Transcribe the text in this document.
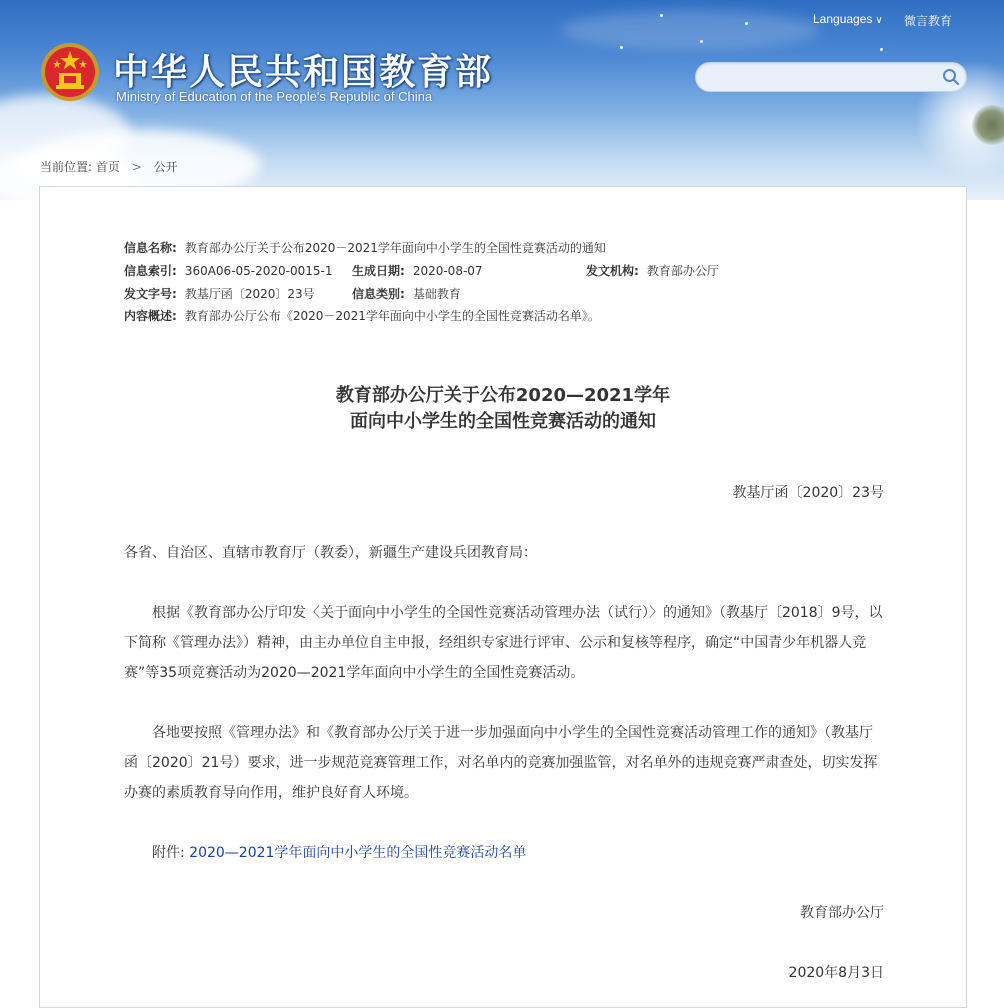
中华人民共和国教育部
Ministry of Education of the People's Republic of China
Languages ∨ 微言教育
当前位置: 首页 > 公开
信息名称: 教育部办公厅关于公布2020－2021学年面向中小学生的全国性竞赛活动的通知
信息索引: 360A06-05-2020-0015-1 生成日期: 2020-08-07	发文机构: 教育部办公厅
发文字号: 教基厅函〔2020〕23号	信息类别: 基础教育
内容概述: 教育部办公厅公布《2020－2021学年面向中小学生的全国性竞赛活动名单》。
教育部办公厅关于公布2020—2021学年
面向中小学生的全国性竞赛活动的通知
教基厅函〔2020〕23号
各省、自治区、直辖市教育厅（教委），新疆生产建设兵团教育局：
根据《教育部办公厅印发〈关于面向中小学生的全国性竞赛活动管理办法（试行）〉的通知》（教基厅〔2018〕9号，以下简称《管理办法》）精神，由主办单位自主申报，经组织专家进行评审、公示和复核等程序，确定“中国青少年机器人竞赛”等35项竞赛活动为2020—2021学年面向中小学生的全国性竞赛活动。
各地要按照《管理办法》和《教育部办公厅关于进一步加强面向中小学生的全国性竞赛活动管理工作的通知》（教基厅函〔2020〕21号）要求，进一步规范竞赛管理工作，对名单内的竞赛加强监管，对名单外的违规竞赛严肃查处，切实发挥办赛的素质教育导向作用，维护良好育人环境。
附件: 2020—2021学年面向中小学生的全国性竞赛活动名单
教育部办公厅
2020年8月3日
